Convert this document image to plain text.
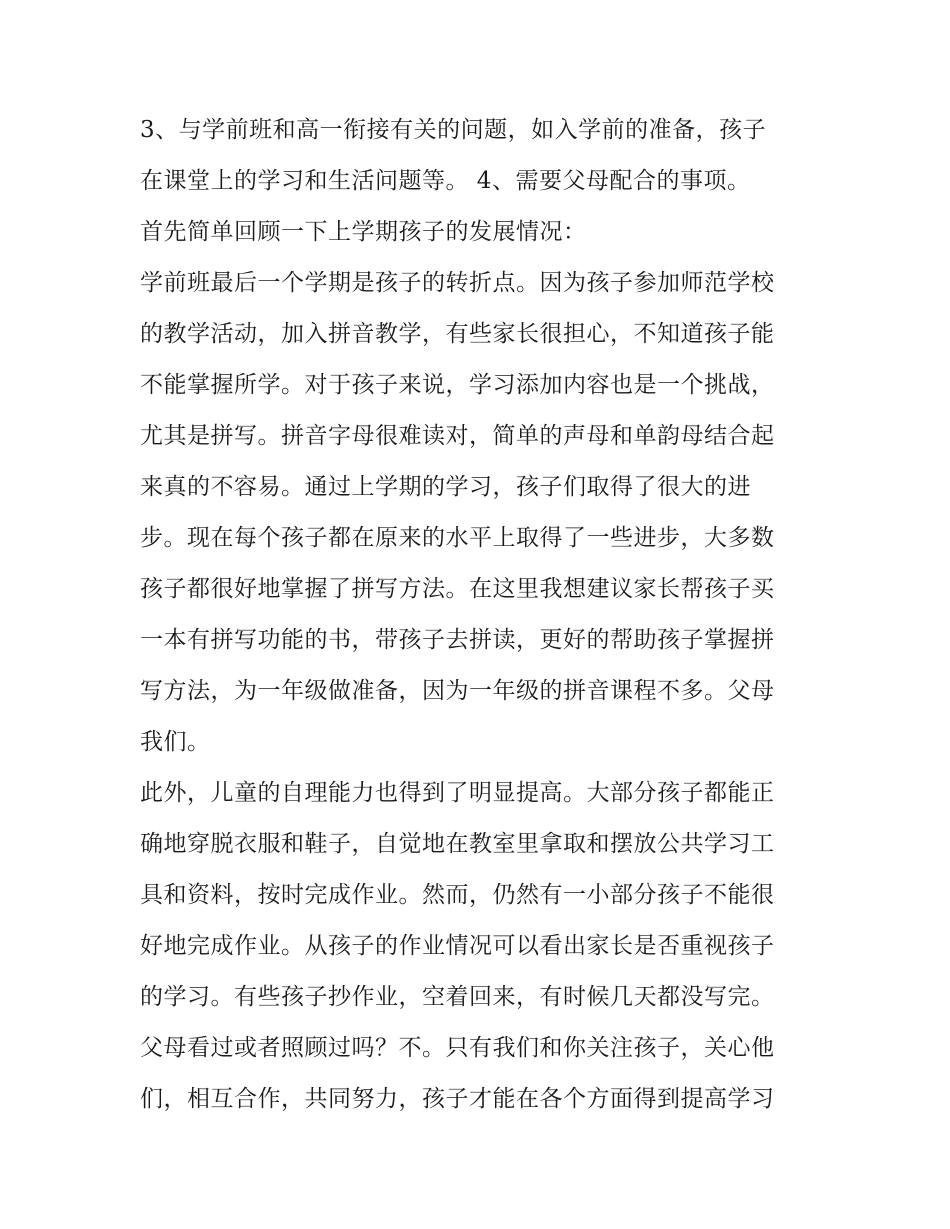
3、与学前班和高一衔接有关的问题，如入学前的准备，孩子
在课堂上的学习和生活问题等。 4、需要父母配合的事项。
首先简单回顾一下上学期孩子的发展情况：
学前班最后一个学期是孩子的转折点。因为孩子参加师范学校
的教学活动，加入拼音教学，有些家长很担心，不知道孩子能
不能掌握所学。对于孩子来说，学习添加内容也是一个挑战，
尤其是拼写。拼音字母很难读对，简单的声母和单韵母结合起
来真的不容易。通过上学期的学习，孩子们取得了很大的进
步。现在每个孩子都在原来的水平上取得了一些进步，大多数
孩子都很好地掌握了拼写方法。在这里我想建议家长帮孩子买
一本有拼写功能的书，带孩子去拼读，更好的帮助孩子掌握拼
写方法，为一年级做准备，因为一年级的拼音课程不多。父母
我们。
此外，儿童的自理能力也得到了明显提高。大部分孩子都能正
确地穿脱衣服和鞋子，自觉地在教室里拿取和摆放公共学习工
具和资料，按时完成作业。然而，仍然有一小部分孩子不能很
好地完成作业。从孩子的作业情况可以看出家长是否重视孩子
的学习。有些孩子抄作业，空着回来，有时候几天都没写完。
父母看过或者照顾过吗？不。只有我们和你关注孩子，关心他
们，相互合作，共同努力，孩子才能在各个方面得到提高学习
